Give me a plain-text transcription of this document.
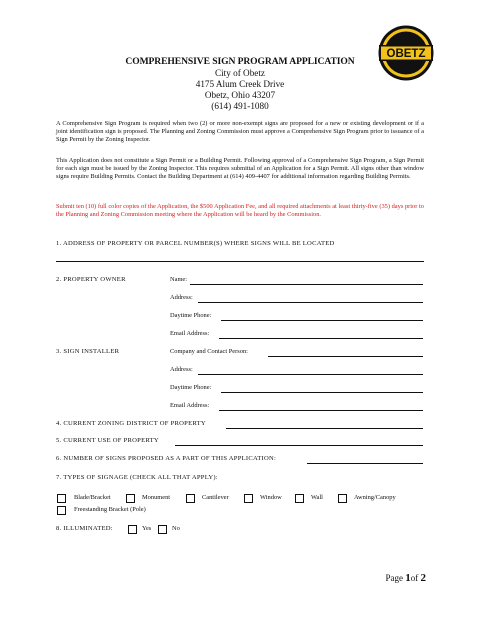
COMPREHENSIVE SIGN PROGRAM APPLICATION
City of Obetz
4175 Alum Creek Drive
Obetz, Ohio 43207
(614) 491-1080
OBETZ
A Comprehensive Sign Program is required when two (2) or more non-exempt signs are proposed for a new or existing development or if a joint identification sign is proposed. The Planning and Zoning Commission must approve a Comprehensive Sign Program prior to issuance of a Sign Permit by the Zoning Inspector.
This Application does not constitute a Sign Permit or a Building Permit. Following approval of a Comprehensive Sign Program, a Sign Permit for each sign must be issued by the Zoning Inspector. This requires submittal of an Application for a Sign Permit. All signs other than window signs require Building Permits. Contact the Building Department at (614) 409-4407 for additional information regarding Building Permits.
Submit ten (10) full color copies of the Application, the $500 Application Fee, and all required attachments at least thirty-five (35) days prior to the Planning and Zoning Commission meeting where the Application will be heard by the Commission.
1. ADDRESS OF PROPERTY OR PARCEL NUMBER(S) WHERE SIGNS WILL BE LOCATED
2. PROPERTY OWNER	Name:
Address:
Daytime Phone:
Email Address:
3. SIGN INSTALLER	Company and Contact Person:
Address:
Daytime Phone:
Email Address:
4. CURRENT ZONING DISTRICT OF PROPERTY
5. CURRENT USE OF PROPERTY
6. NUMBER OF SIGNS PROPOSED AS A PART OF THIS APPLICATION:
7. TYPES OF SIGNAGE (CHECK ALL THAT APPLY):
Blade/Bracket	Monument	Cantilever	Window	Wall	Awning/Canopy
Freestanding Bracket (Pole)
8. ILLUMINATED:	Yes	No
Page 1of 2
